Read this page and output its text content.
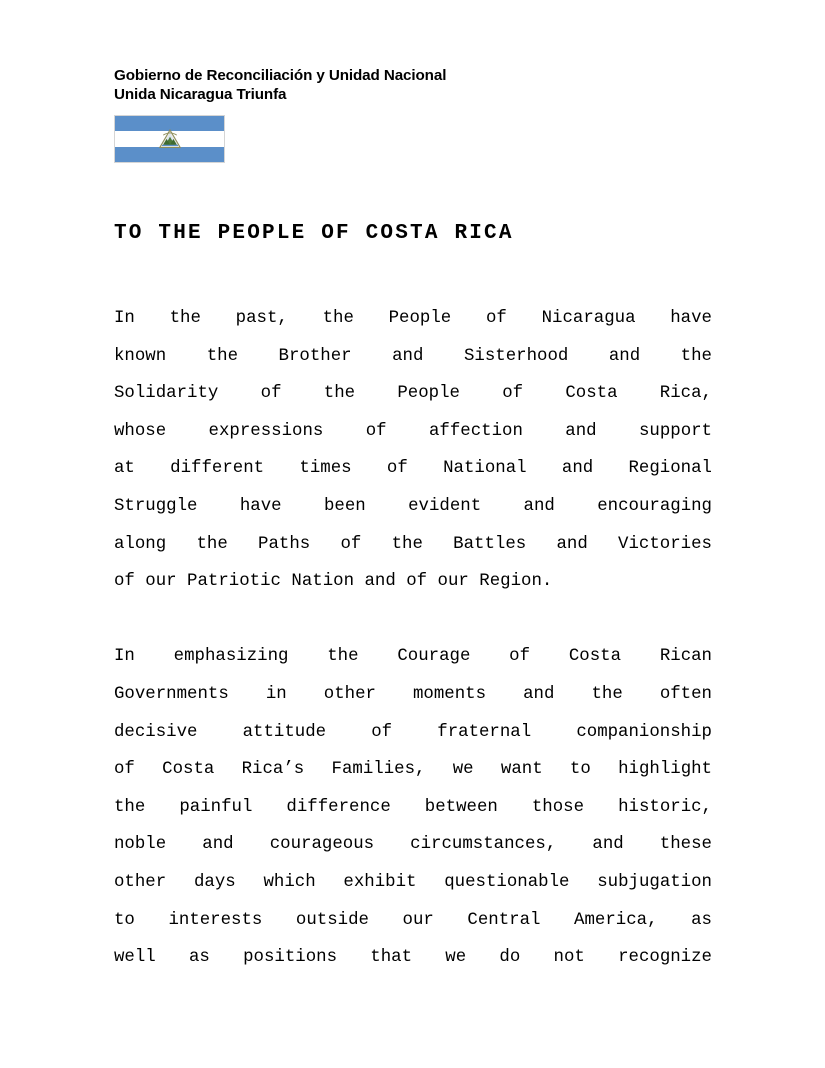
Gobierno de Reconciliación y Unidad Nacional
Unida Nicaragua Triunfa
TO THE PEOPLE OF COSTA RICA

In  the  past,  the  People  of  Nicaragua  have
known   the   Brother   and   Sisterhood   and   the
Solidarity   of   the   People   of   Costa   Rica,
whose  expressions  of  affection  and  support
at different times of National and Regional
Struggle  have  been  evident  and  encouraging
along the Paths of the Battles and Victories
of our Patriotic Nation and of our Region.

In  emphasizing  the  Courage  of  Costa  Rican
Governments  in  other  moments  and  the  often
decisive attitude of fraternal companionship
of Costa Rica’s Families, we want to highlight
the painful difference between those historic,
noble  and  courageous  circumstances,  and  these
other days which exhibit questionable subjugation
to interests outside our Central America, as
well  as  positions  that  we  do  not  recognize
